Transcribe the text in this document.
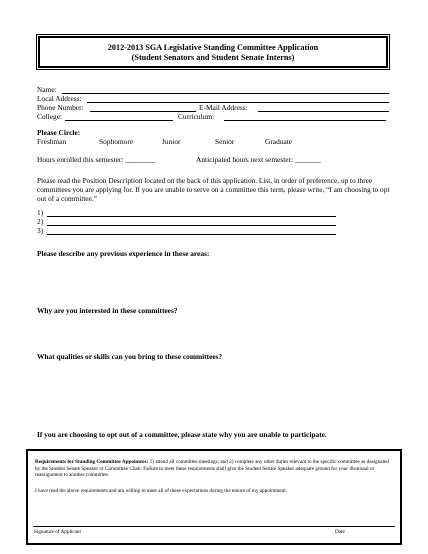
2012-2013 SGA Legislative Standing Committee Application
(Student Senators and Student Senate Interns)
Name:
Local Address:
Phone Number:	E-Mail Address:
College:	Curriculum:
Please Circle:
Freshman	Sophomore	Junior	Senior	Graduate
Hours enrolled this semester: ________	Anticipated hours next semester: _______
Please read the Position Description located on the back of this application. List, in order of preference, up to three committees you are applying for. If you are unable to serve on a committee this term, please write, “I am choosing to opt out of a committee.”
1)
2)
3)
Please describe any previous experience in these areas:
Why are you interested in these committees?
What qualities or skills can you bring to these committees?
If you are choosing to opt out of a committee, please state why you are unable to participate.
Requirements for Standing Committee Appointees: 1) attend all committee meetings; and 2) complete any other duties relevant to the specific committee as designated by the Student Senate Speaker or Committee Chair. Failure to meet these requirements shall give the Student Senate Speaker adequate ground for your dismissal or reassignment to another committee.
I have read the above requirements and am willing to meet all of these expectations during the tenure of my appointment.
Signature of Applicant	Date
